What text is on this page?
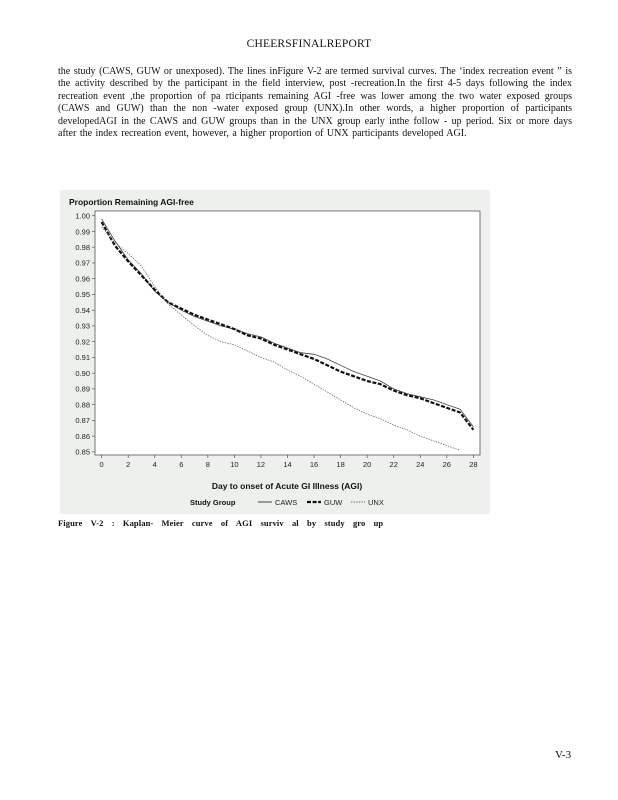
CHEERSFINALREPORT
the study (CAWS, GUW or unexposed). The lines inFigure V-2 are termed survival curves. The ‘index recreation event ” is the activity described by the participant in the field interview, post -recreation.In the first 4-5 days following the index recreation event ,the proportion of pa rticipants remaining AGI -free was lower among the two water exposed groups (CAWS and GUW) than the non -water exposed group (UNX).In other words, a higher proportion of participants developedAGI in the CAWS and GUW groups than in the UNX group early inthe follow - up period. Six or more days after the index recreation event, however, a higher proportion of UNX participants developed AGI.
Proportion Remaining AGI-free
1.00
0.99
0.98
0.97
0.96
0.95
0.94
0.93
0.92
0.91
0.90
0.89
0.88
0.87
0.86
0.85
0	2	4	6	8	10 12 14 16 18 20 22 24 26 28
Day to onset of Acute GI Illness (AGI)
Study Group	CAWS	GUW	UNX
Figure V-2 : Kaplan- Meier curve of AGI surviv al by study gro up
V-3
